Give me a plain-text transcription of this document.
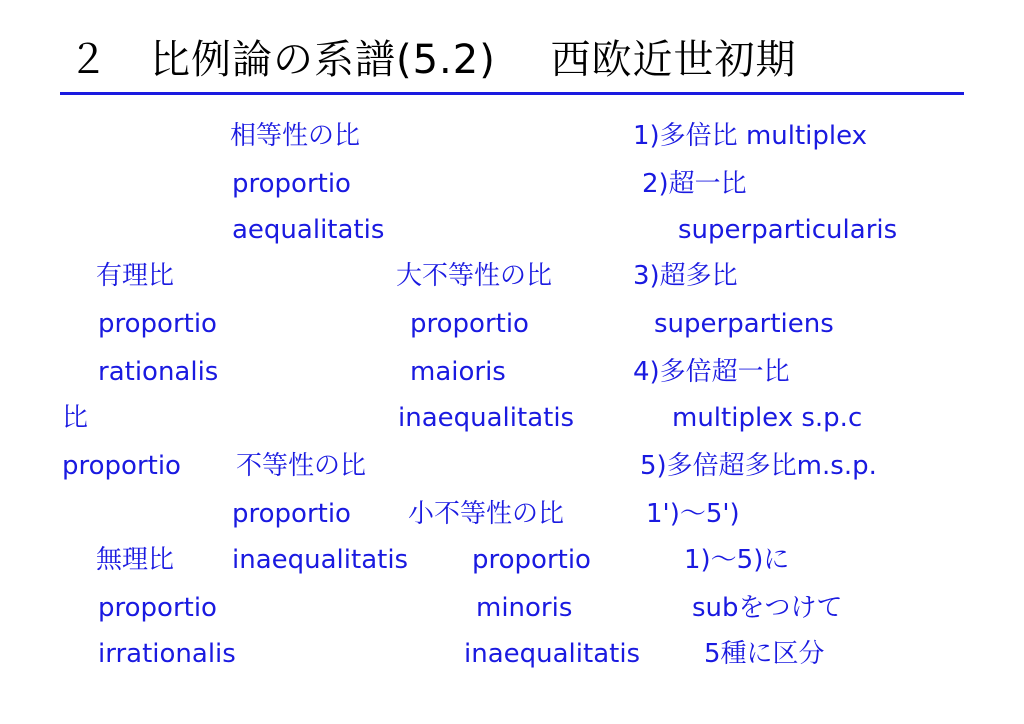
２　比例論の系譜(5.2)　 西欧近世初期
相等性の比
proportio
aequalitatis
1)多倍比 multiplex
2)超一比
superparticularis
有理比	大不等性の比	3)超多比
proportio	proportio	superpartiens
rationalis	maioris	4)多倍超一比
比	inaequalitatis	multiplex s.p.c
proportio 不等性の比	5)多倍超多比m.s.p.
proportio 小不等性の比	1')〜5')
無理比 inaequalitatis proportio	1)〜5)に
proportio	minoris	subをつけて
irrationalis	inaequalitatis 5種に区分
